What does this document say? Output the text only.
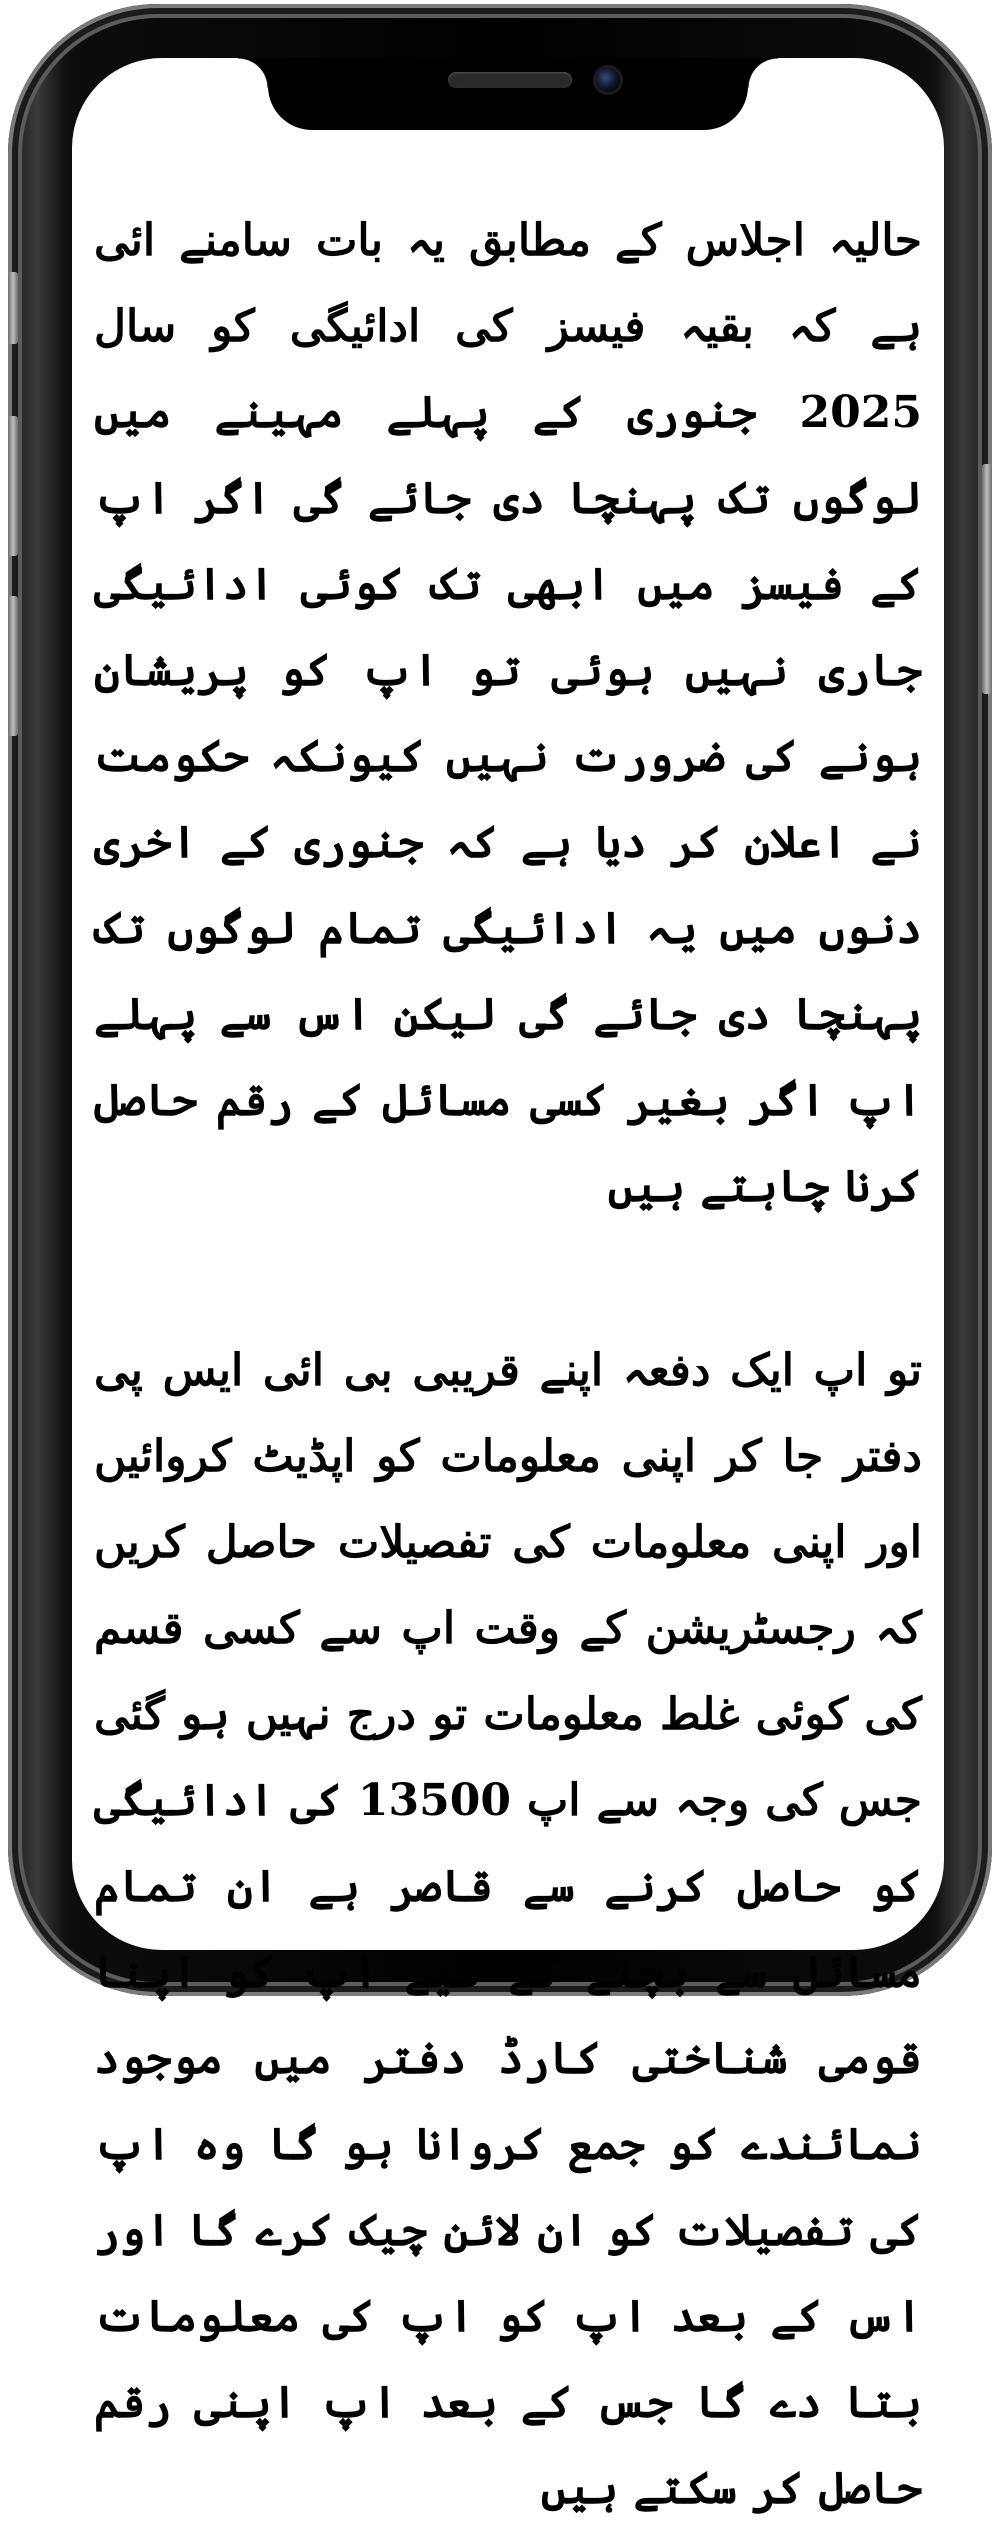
حالیہ اجلاس کے مطابق یہ بات سامنے ائی ہے کہ بقیہ فیسز کی ادائیگی کو سال 2025 جنوری کے پہلے مہینے میں لوگوں تک پہنچا دی جائے گی اگر اپ کے فیسز میں ابھی تک کوئی ادائیگی جاری نہیں ہوئی تو اپ کو پریشان ہونے کی ضرورت نہیں کیونکہ حکومت نے اعلان کر دیا ہے کہ جنوری کے اخری دنوں میں یہ ادائیگی تمام لوگوں تک پہنچا دی جائے گی لیکن اس سے پہلے اپ اگر بغیر کسی مسائل کے رقم حاصل کرنا چاہتے ہیں

تو اپ ایک دفعہ اپنے قریبی بی ائی ایس پی دفتر جا کر اپنی معلومات کو اپڈیٹ کروائیں اور اپنی معلومات کی تفصیلات حاصل کریں کہ رجسٹریشن کے وقت اپ سے کسی قسم کی کوئی غلط معلومات تو درج نہیں ہو گئی جس کی وجہ سے اپ 13500 کی ادائیگی کو حاصل کرنے سے قاصر ہے ان تمام مسائل سے بچنے کے لیے اپ کو اپنا قومی شناختی کارڈ دفتر میں موجود نمائندے کو جمع کروانا ہو گا وہ اپ کی تفصیلات کو ان لائن چیک کرے گا اور اس کے بعد اپ کو اپ کی معلومات بتا دے گا جس کے بعد اپ اپنی رقم حاصل کر سکتے ہیں
